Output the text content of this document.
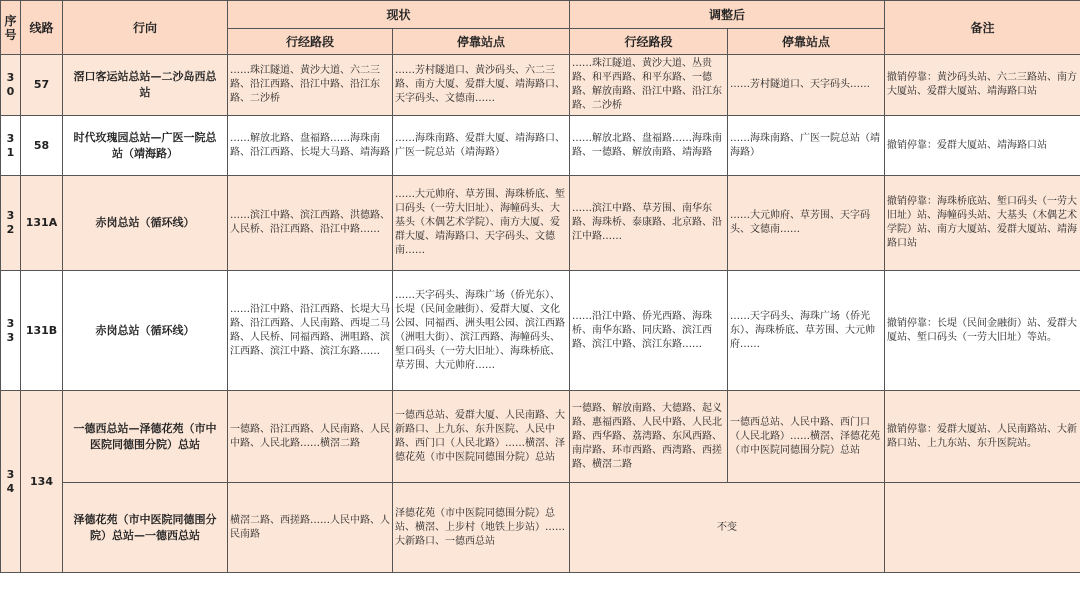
序号	线路	行向	现状		调整后		备注
			行经路段	停靠站点	行经路段	停靠站点	
30	57	滘口客运站总站—二沙岛西总站	……珠江隧道、黄沙大道、六二三路、沿江西路、沿江中路、沿江东路、二沙桥	……芳村隧道口、黄沙码头、六二三路、南方大厦、爱群大厦、靖海路口、天字码头、文德南……	……珠江隧道、黄沙大道、丛贵路、和平西路、和平东路、一德路、解放南路、沿江中路、沿江东路、二沙桥	……芳村隧道口、天字码头……	撤销停靠：黄沙码头站、六二三路站、南方大厦站、爱群大厦站、靖海路口站
31	58	时代玫瑰园总站—广医一院总站（靖海路）	……解放北路、盘福路……海珠南路、沿江西路、长堤大马路、靖海路	……海珠南路、爱群大厦、靖海路口、广医一院总站（靖海路）	……解放北路、盘福路……海珠南路、一德路、解放南路、靖海路	……海珠南路、广医一院总站（靖海路）	撤销停靠：爱群大厦站、靖海路口站
32	131A	赤岗总站（循环线）	……滨江中路、滨江西路、洪德路、人民桥、沿江西路、沿江中路……	……大元帅府、草芳围、海珠桥底、堑口码头（一劳大旧址）、海幢码头、大基头（木偶艺术学院）、南方大厦、爱群大厦、靖海路口、天字码头、文德南……	……滨江中路、草芳围、南华东路、海珠桥、泰康路、北京路、沿江中路……	……大元帅府、草芳围、天字码头、文德南……	撤销停靠：海珠桥底站、堑口码头（一劳大旧址）站、海幢码头站、大基头（木偶艺术学院）站、南方大厦站、爱群大厦站、靖海路口站
33	131B	赤岗总站（循环线）	……沿江中路、沿江西路、长堤大马路、沿江西路、人民南路、西堤二马路、人民桥、同福西路、洲咀路、滨江西路、滨江中路、滨江东路……	……天字码头、海珠广场（侨光东）、长堤（民间金融街）、爱群大厦、文化公园、同福西、洲头咀公园、滨江西路（洲咀大街）、滨江西路、海幢码头、堑口码头（一劳大旧址）、海珠桥底、草芳围、大元帅府……	……沿江中路、侨光西路、海珠桥、南华东路、同庆路、滨江西路、滨江中路、滨江东路……	……天字码头、海珠广场（侨光东）、海珠桥底、草芳围、大元帅府……	撤销停靠：长堤（民间金融街）站、爱群大厦站、堑口码头（一劳大旧址）等站。
34	134	一德西总站—泽德花苑（市中医院同德围分院）总站	一德路、沿江西路、人民南路、人民中路、人民北路……横滘二路	一德西总站、爱群大厦、人民南路、大新路口、上九东、东升医院、人民中路、西门口（人民北路）……横滘、泽德花苑（市中医院同德围分院）总站	一德路、解放南路、大德路、起义路、惠福西路、人民中路、人民北路、西华路、荔湾路、东风西路、南岸路、环市西路、西湾路、西搓路、横滘二路	一德西总站、人民中路、西门口（人民北路）……横滘、泽德花苑（市中医院同德围分院）总站	撤销停靠：爱群大厦站、人民南路站、大新路口站、上九东站、东升医院站。
		泽德花苑（市中医院同德围分院）总站—一德西总站	横滘二路、西搓路……人民中路、人民南路	泽德花苑（市中医院同德围分院）总站、横滘、上步村（地铁上步站）……大新路口、一德西总站	不变		
